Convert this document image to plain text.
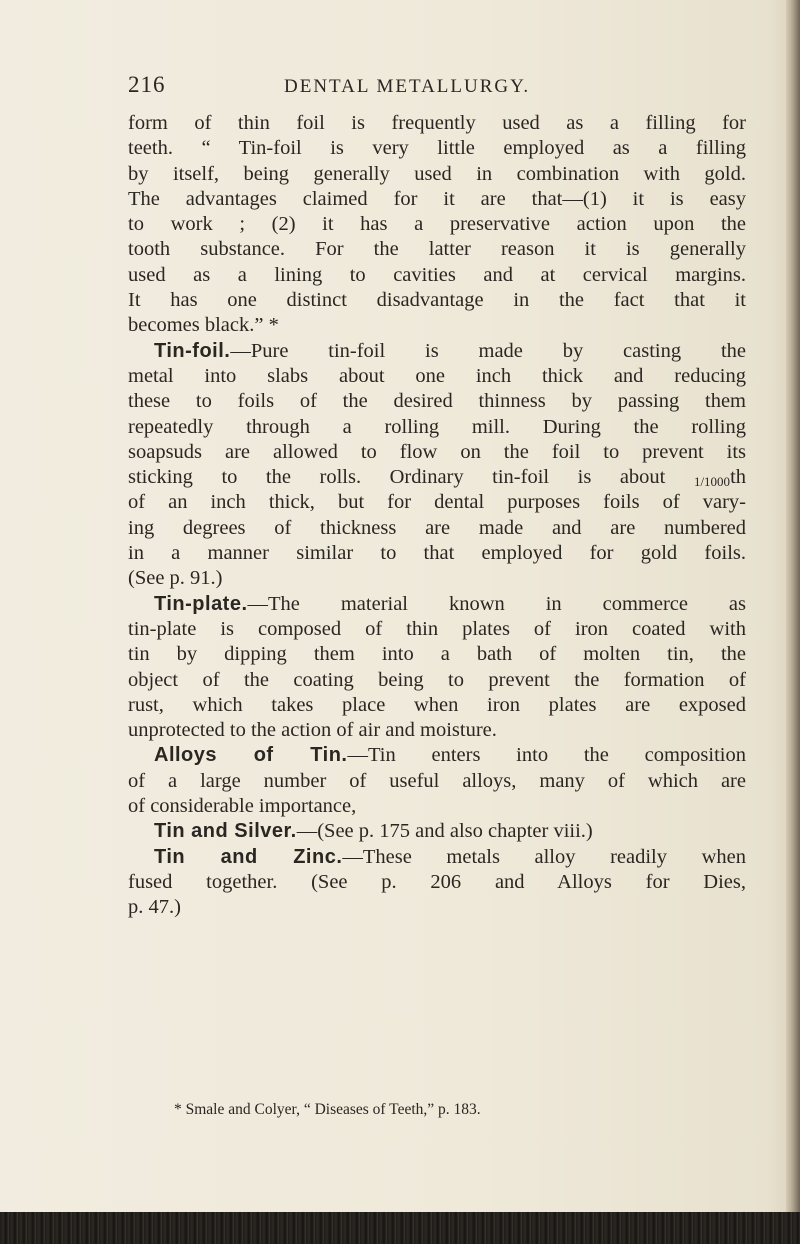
216	DENTAL METALLURGY.
form of thin foil is frequently used as a filling for
teeth. “ Tin-foil is very little employed as a filling
by itself, being generally used in combination with gold.
The advantages claimed for it are that—(1) it is easy
to work ; (2) it has a preservative action upon the
tooth substance. For the latter reason it is generally
used as a lining to cavities and at cervical margins.
It has one distinct disadvantage in the fact that it
becomes black.” *
Tin-foil.—Pure tin-foil is made by casting the
metal into slabs about one inch thick and reducing
these to foils of the desired thinness by passing them
repeatedly through a rolling mill. During the rolling
soapsuds are allowed to flow on the foil to prevent its
sticking to the rolls. Ordinary tin-foil is about 1/1000th
of an inch thick, but for dental purposes foils of vary-
ing degrees of thickness are made and are numbered
in a manner similar to that employed for gold foils.
(See p. 91.)
Tin-plate.—The material known in commerce as
tin-plate is composed of thin plates of iron coated with
tin by dipping them into a bath of molten tin, the
object of the coating being to prevent the formation of
rust, which takes place when iron plates are exposed
unprotected to the action of air and moisture.
Alloys of Tin.—Tin enters into the composition
of a large number of useful alloys, many of which are
of considerable importance,
Tin and Silver.—(See p. 175 and also chapter viii.)
Tin and Zinc.—These metals alloy readily when
fused together. (See p. 206 and Alloys for Dies,
p. 47.)
* Smale and Colyer, “ Diseases of Teeth,” p. 183.
